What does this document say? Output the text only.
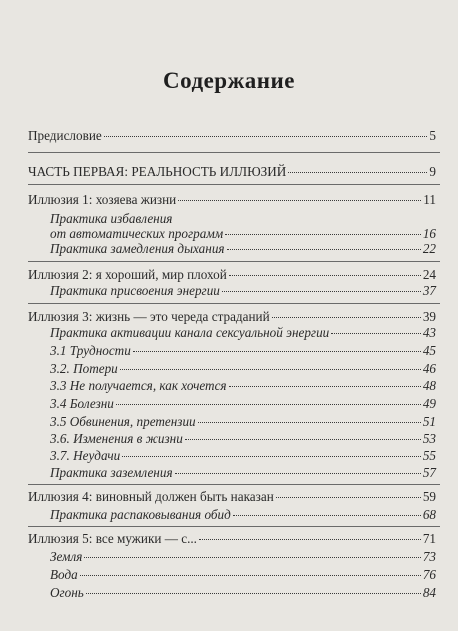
Содержание
Предисловие	5
ЧАСТЬ ПЕРВАЯ: РЕАЛЬНОСТЬ ИЛЛЮЗИЙ	9
Иллюзия 1: хозяева жизни	11
Практика избавления
от автоматических программ	16
Практика замедления дыхания	22
Иллюзия 2: я хороший, мир плохой	24
Практика присвоения энергии	37
Иллюзия 3: жизнь — это череда страданий	39
Практика активации канала сексуальной энергии	43
3.1 Трудности	45
3.2. Потери	46
3.3 Не получается, как хочется	48
3.4 Болезни	49
3.5 Обвинения, претензии	51
3.6. Изменения в жизни	53
3.7. Неудачи	55
Практика заземления	57
Иллюзия 4: виновный должен быть наказан	59
Практика распаковывания обид	68
Иллюзия 5: все мужики — с...	71
Земля	73
Вода	76
Огонь	84
